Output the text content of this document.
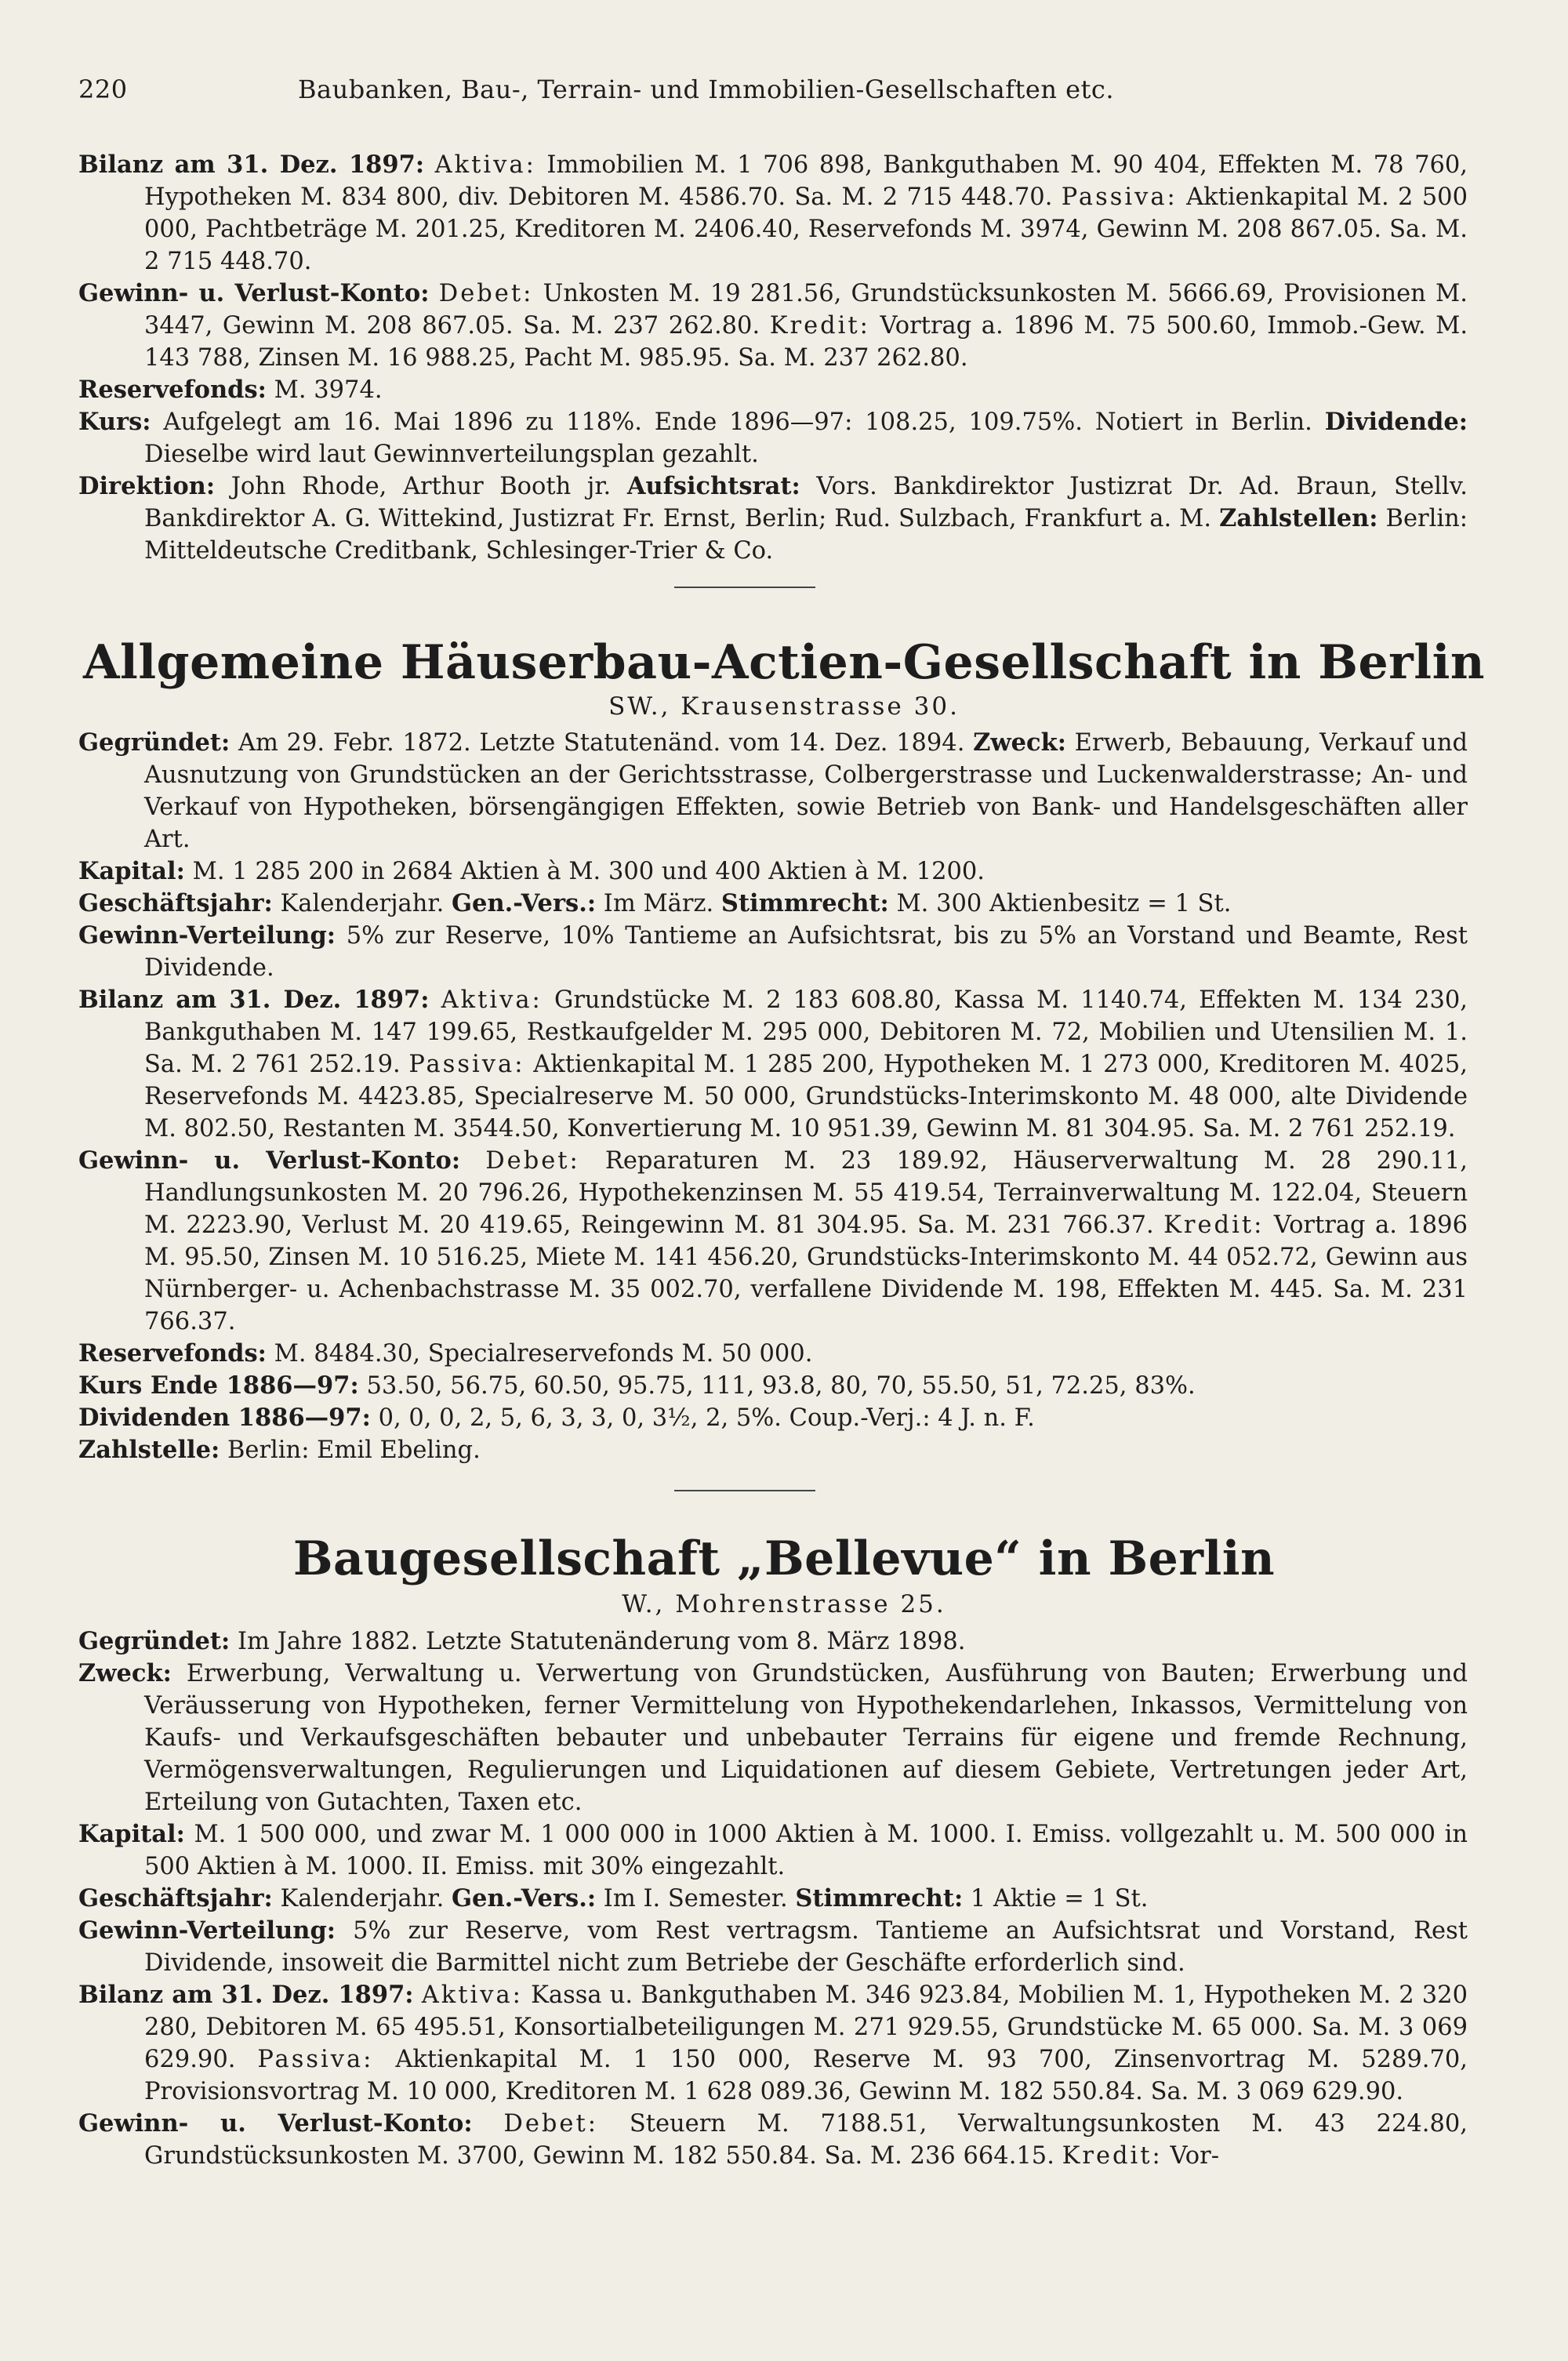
220	Baubanken, Bau-, Terrain- und Immobilien-Gesellschaften etc.
Bilanz am 31. Dez. 1897: Aktiva: Immobilien M. 1 706 898, Bankguthaben M. 90 404, Effekten M. 78 760, Hypotheken M. 834 800, div. Debitoren M. 4586.70. Sa. M. 2 715 448.70. Passiva: Aktienkapital M. 2 500 000, Pachtbeträge M. 201.25, Kreditoren M. 2406.40, Reservefonds M. 3974, Gewinn M. 208 867.05. Sa. M. 2 715 448.70.
Gewinn- u. Verlust-Konto: Debet: Unkosten M. 19 281.56, Grundstücksunkosten M. 5666.69, Provisionen M. 3447, Gewinn M. 208 867.05. Sa. M. 237 262.80. Kredit: Vortrag a. 1896 M. 75 500.60, Immob.-Gew. M. 143 788, Zinsen M. 16 988.25, Pacht M. 985.95. Sa. M. 237 262.80.
Reservefonds: M. 3974.
Kurs: Aufgelegt am 16. Mai 1896 zu 118%. Ende 1896—97: 108.25, 109.75%. Notiert in Berlin. Dividende: Dieselbe wird laut Gewinnverteilungsplan gezahlt.
Direktion: John Rhode, Arthur Booth jr. Aufsichtsrat: Vors. Bankdirektor Justizrat Dr. Ad. Braun, Stellv. Bankdirektor A. G. Wittekind, Justizrat Fr. Ernst, Berlin; Rud. Sulzbach, Frankfurt a. M. Zahlstellen: Berlin: Mitteldeutsche Creditbank, Schlesinger-Trier & Co.
Allgemeine Häuserbau-Actien-Gesellschaft in Berlin
SW., Krausenstrasse 30.
Gegründet: Am 29. Febr. 1872. Letzte Statutenänd. vom 14. Dez. 1894. Zweck: Erwerb, Bebauung, Verkauf und Ausnutzung von Grundstücken an der Gerichtsstrasse, Colbergerstrasse und Luckenwalderstrasse; An- und Verkauf von Hypotheken, börsengängigen Effekten, sowie Betrieb von Bank- und Handelsgeschäften aller Art.
Kapital: M. 1 285 200 in 2684 Aktien à M. 300 und 400 Aktien à M. 1200.
Geschäftsjahr: Kalenderjahr. Gen.-Vers.: Im März. Stimmrecht: M. 300 Aktienbesitz = 1 St.
Gewinn-Verteilung: 5% zur Reserve, 10% Tantieme an Aufsichtsrat, bis zu 5% an Vorstand und Beamte, Rest Dividende.
Bilanz am 31. Dez. 1897: Aktiva: Grundstücke M. 2 183 608.80, Kassa M. 1140.74, Effekten M. 134 230, Bankguthaben M. 147 199.65, Restkaufgelder M. 295 000, Debitoren M. 72, Mobilien und Utensilien M. 1. Sa. M. 2 761 252.19. Passiva: Aktienkapital M. 1 285 200, Hypotheken M. 1 273 000, Kreditoren M. 4025, Reservefonds M. 4423.85, Specialreserve M. 50 000, Grundstücks-Interimskonto M. 48 000, alte Dividende M. 802.50, Restanten M. 3544.50, Konvertierung M. 10 951.39, Gewinn M. 81 304.95. Sa. M. 2 761 252.19.
Gewinn- u. Verlust-Konto: Debet: Reparaturen M. 23 189.92, Häuserverwaltung M. 28 290.11, Handlungsunkosten M. 20 796.26, Hypothekenzinsen M. 55 419.54, Terrainverwaltung M. 122.04, Steuern M. 2223.90, Verlust M. 20 419.65, Reingewinn M. 81 304.95. Sa. M. 231 766.37. Kredit: Vortrag a. 1896 M. 95.50, Zinsen M. 10 516.25, Miete M. 141 456.20, Grundstücks-Interimskonto M. 44 052.72, Gewinn aus Nürnberger- u. Achenbachstrasse M. 35 002.70, verfallene Dividende M. 198, Effekten M. 445. Sa. M. 231 766.37.
Reservefonds: M. 8484.30, Specialreservefonds M. 50 000.
Kurs Ende 1886—97: 53.50, 56.75, 60.50, 95.75, 111, 93.8, 80, 70, 55.50, 51, 72.25, 83%.
Dividenden 1886—97: 0, 0, 0, 2, 5, 6, 3, 3, 0, 3½, 2, 5%. Coup.-Verj.: 4 J. n. F.
Zahlstelle: Berlin: Emil Ebeling.
Baugesellschaft „Bellevue“ in Berlin
W., Mohrenstrasse 25.
Gegründet: Im Jahre 1882. Letzte Statutenänderung vom 8. März 1898.
Zweck: Erwerbung, Verwaltung u. Verwertung von Grundstücken, Ausführung von Bauten; Erwerbung und Veräusserung von Hypotheken, ferner Vermittelung von Hypothekendarlehen, Inkassos, Vermittelung von Kaufs- und Verkaufsgeschäften bebauter und unbebauter Terrains für eigene und fremde Rechnung, Vermögensverwaltungen, Regulierungen und Liquidationen auf diesem Gebiete, Vertretungen jeder Art, Erteilung von Gutachten, Taxen etc.
Kapital: M. 1 500 000, und zwar M. 1 000 000 in 1000 Aktien à M. 1000. I. Emiss. vollgezahlt u. M. 500 000 in 500 Aktien à M. 1000. II. Emiss. mit 30% eingezahlt.
Geschäftsjahr: Kalenderjahr. Gen.-Vers.: Im I. Semester. Stimmrecht: 1 Aktie = 1 St.
Gewinn-Verteilung: 5% zur Reserve, vom Rest vertragsm. Tantieme an Aufsichtsrat und Vorstand, Rest Dividende, insoweit die Barmittel nicht zum Betriebe der Geschäfte erforderlich sind.
Bilanz am 31. Dez. 1897: Aktiva: Kassa u. Bankguthaben M. 346 923.84, Mobilien M. 1, Hypotheken M. 2 320 280, Debitoren M. 65 495.51, Konsortialbeteiligungen M. 271 929.55, Grundstücke M. 65 000. Sa. M. 3 069 629.90. Passiva: Aktienkapital M. 1 150 000, Reserve M. 93 700, Zinsenvortrag M. 5289.70, Provisionsvortrag M. 10 000, Kreditoren M. 1 628 089.36, Gewinn M. 182 550.84. Sa. M. 3 069 629.90.
Gewinn- u. Verlust-Konto: Debet: Steuern M. 7188.51, Verwaltungsunkosten M. 43 224.80, Grundstücksunkosten M. 3700, Gewinn M. 182 550.84. Sa. M. 236 664.15. Kredit: Vor-
